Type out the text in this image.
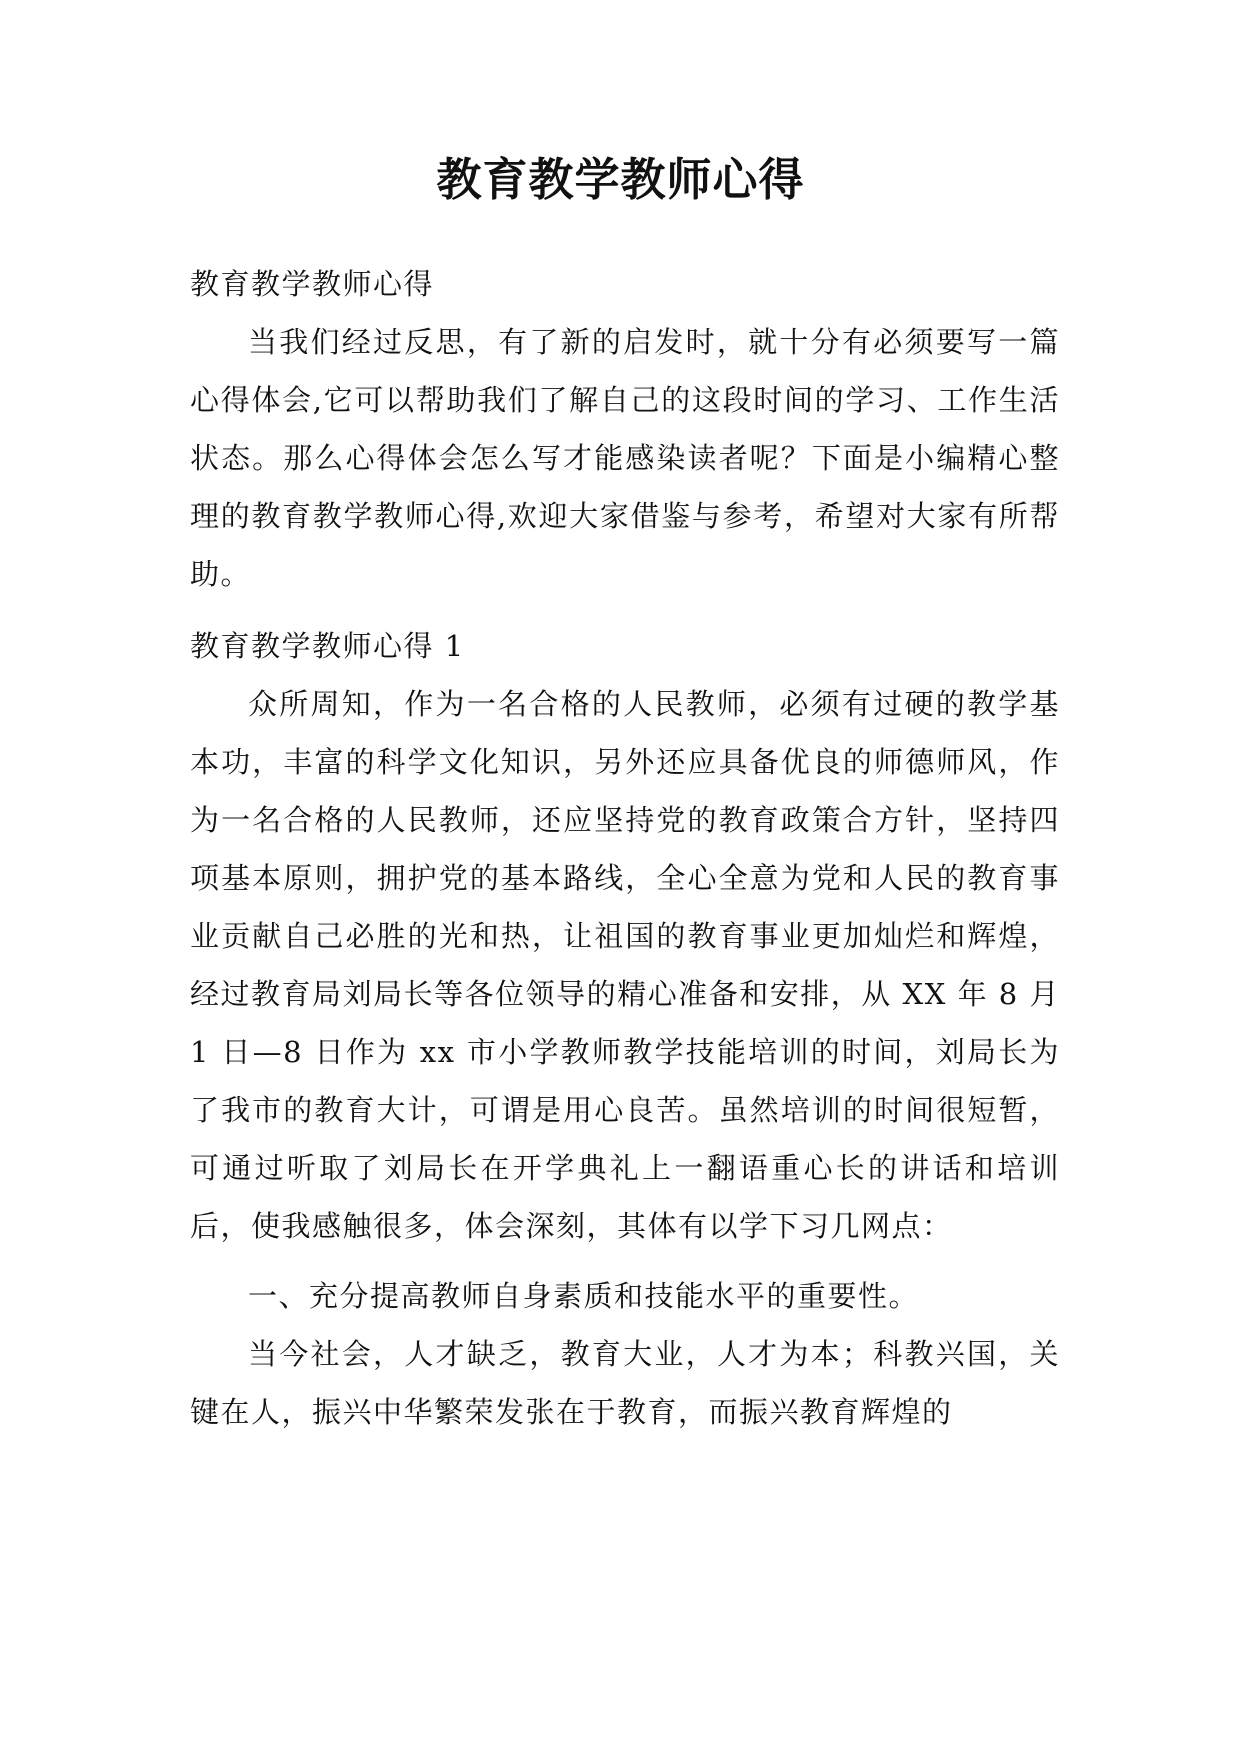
教育教学教师心得
教育教学教师心得

当我们经过反思，有了新的启发时，就十分有必须要写一篇心得体会,它可以帮助我们了解自己的这段时间的学习、工作生活状态。那么心得体会怎么写才能感染读者呢？下面是小编精心整理的教育教学教师心得,欢迎大家借鉴与参考，希望对大家有所帮助。

教育教学教师心得 1

众所周知，作为一名合格的人民教师，必须有过硬的教学基本功，丰富的科学文化知识，另外还应具备优良的师德师风，作为一名合格的人民教师，还应坚持党的教育政策合方针，坚持四项基本原则，拥护党的基本路线，全心全意为党和人民的教育事业贡献自己必胜的光和热，让祖国的教育事业更加灿烂和辉煌，经过教育局刘局长等各位领导的精心准备和安排，从 XX 年 8 月 1 日—8 日作为 xx 市小学教师教学技能培训的时间，刘局长为了我市的教育大计，可谓是用心良苦。虽然培训的时间很短暂，可通过听取了刘局长在开学典礼上一翻语重心长的讲话和培训后，使我感触很多，体会深刻，其体有以学下习几网点：

一、充分提高教师自身素质和技能水平的重要性。

当今社会，人才缺乏，教育大业，人才为本；科教兴国，关键在人，振兴中华繁荣发张在于教育，而振兴教育辉煌的
